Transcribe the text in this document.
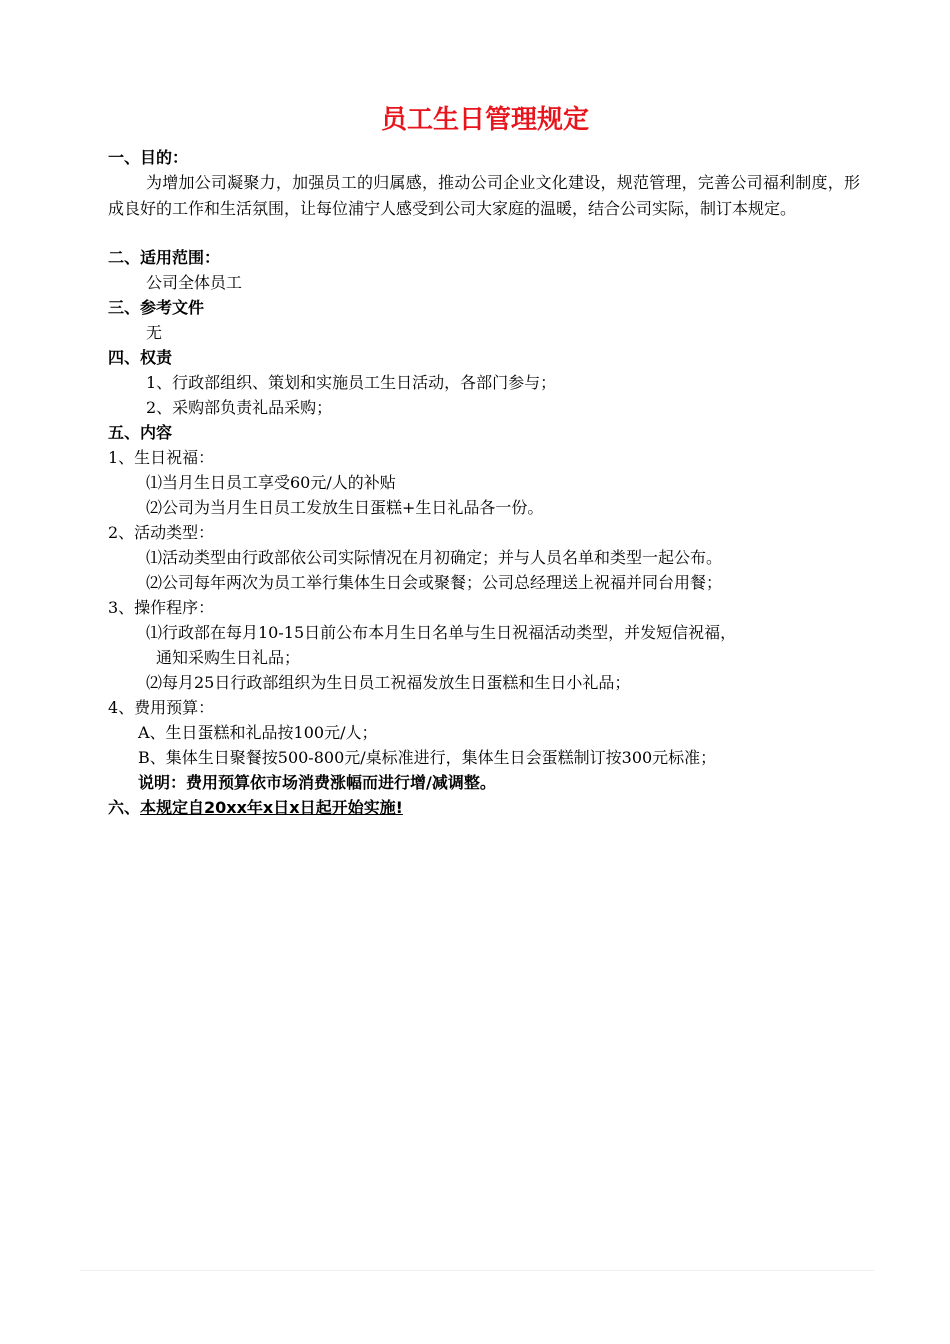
员工生日管理规定
一、目的：
为增加公司凝聚力，加强员工的归属感，推动公司企业文化建设，规范管理，完善公司福利制度，形成良好的工作和生活氛围，让每位浦宁人感受到公司大家庭的温暖，结合公司实际，制订本规定。
二、适用范围：
公司全体员工
三、参考文件
无
四、权责
1、行政部组织、策划和实施员工生日活动，各部门参与；
2、采购部负责礼品采购；
五、内容
1、生日祝福：
⑴当月生日员工享受60元/人的补贴
⑵公司为当月生日员工发放生日蛋糕+生日礼品各一份。
2、活动类型：
⑴活动类型由行政部依公司实际情况在月初确定；并与人员名单和类型一起公布。
⑵公司每年两次为员工举行集体生日会或聚餐；公司总经理送上祝福并同台用餐；
3、操作程序：
⑴行政部在每月10-15日前公布本月生日名单与生日祝福活动类型，并发短信祝福，
通知采购生日礼品；
⑵每月25日行政部组织为生日员工祝福发放生日蛋糕和生日小礼品；
4、费用预算：
A、生日蛋糕和礼品按100元/人；
B、集体生日聚餐按500-800元/桌标准进行，集体生日会蛋糕制订按300元标准；
说明：费用预算依市场消费涨幅而进行增/减调整。
六、本规定自20xx年x日x日起开始实施!
